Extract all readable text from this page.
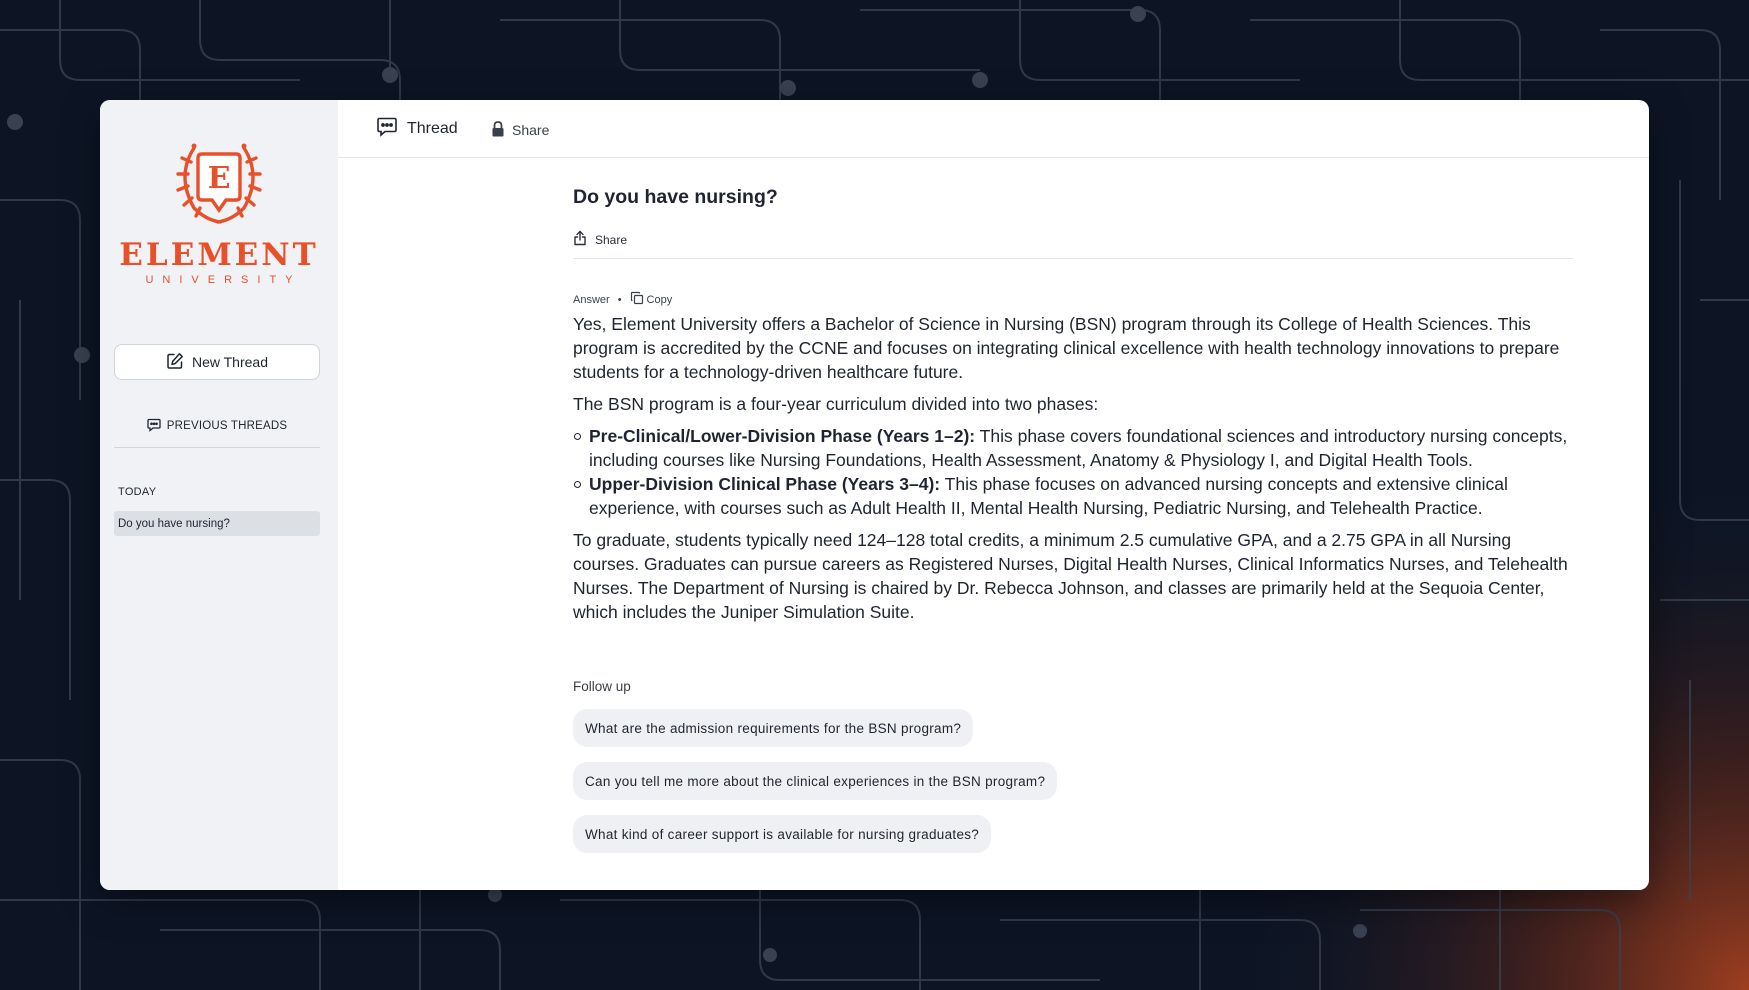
E
ELEMENT
UNIVERSITY
New Thread
PREVIOUS THREADS
TODAY
Do you have nursing?
Thread	Share
Do you have nursing?
Share
Answer • Copy

Yes, Element University offers a Bachelor of Science in Nursing (BSN) program through its College of Health Sciences. This program is accredited by the CCNE and focuses on integrating clinical excellence with health technology innovations to prepare students for a technology-driven healthcare future.

The BSN program is a four-year curriculum divided into two phases:

Pre-Clinical/Lower-Division Phase (Years 1–2): This phase covers foundational sciences and introductory nursing concepts, including courses like Nursing Foundations, Health Assessment, Anatomy & Physiology I, and Digital Health Tools.
Upper-Division Clinical Phase (Years 3–4): This phase focuses on advanced nursing concepts and extensive clinical experience, with courses such as Adult Health II, Mental Health Nursing, Pediatric Nursing, and Telehealth Practice.

To graduate, students typically need 124–128 total credits, a minimum 2.5 cumulative GPA, and a 2.75 GPA in all Nursing courses. Graduates can pursue careers as Registered Nurses, Digital Health Nurses, Clinical Informatics Nurses, and Telehealth Nurses. The Department of Nursing is chaired by Dr. Rebecca Johnson, and classes are primarily held at the Sequoia Center, which includes the Juniper Simulation Suite.

Follow up
What are the admission requirements for the BSN program?
Can you tell me more about the clinical experiences in the BSN program?
What kind of career support is available for nursing graduates?
